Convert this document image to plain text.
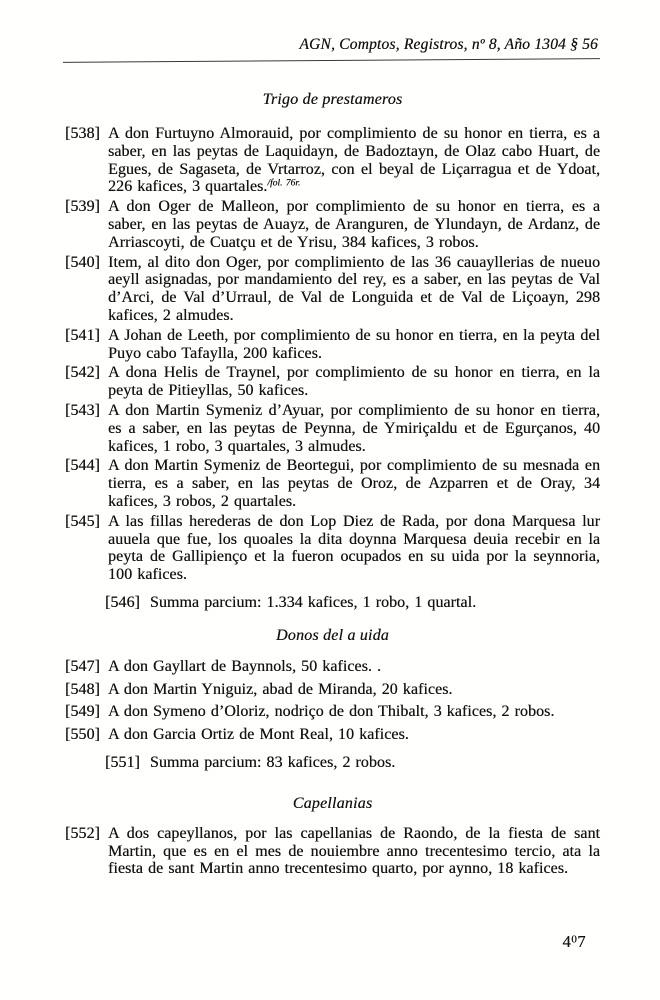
AGN, Comptos, Registros, nº 8, Año 1304 § 56
Trigo de prestameros

[538] A don Furtuyno Almorauid, por complimiento de su honor en tierra, es a saber, en las peytas de Laquidayn, de Badoztayn, de Olaz cabo Huart, de Egues, de Sagaseta, de Vrtarroz, con el beyal de Liçarragua et de Ydoat, 226 kafices, 3 quartales.$^{/fol. 76r.}$

[539] A don Oger de Malleon, por complimiento de su honor en tierra, es a saber, en las peytas de Auayz, de Aranguren, de Ylundayn, de Ardanz, de Arriascoyti, de Cuatçu et de Yrisu, 384 kafices, 3 robos.

[540] Item, al dito don Oger, por complimiento de las 36 cauayllerias de nueuo aeyll asignadas, por mandamiento del rey, es a saber, en las peytas de Val d’Arci, de Val d’Urraul, de Val de Longuida et de Val de Liçoayn, 298 kafices, 2 almudes.

[541] A Johan de Leeth, por complimiento de su honor en tierra, en la peyta del Puyo cabo Tafaylla, 200 kafices.

[542] A dona Helis de Traynel, por complimiento de su honor en tierra, en la peyta de Pitieyllas, 50 kafices.

[543] A don Martin Symeniz d’Ayuar, por complimiento de su honor en tierra, es a saber, en las peytas de Peynna, de Ymiriçaldu et de Egurçanos, 40 kafices, 1 robo, 3 quartales, 3 almudes.

[544] A don Martin Symeniz de Beortegui, por complimiento de su mesnada en tierra, es a saber, en las peytas de Oroz, de Azparren et de Oray, 34 kafices, 3 robos, 2 quartales.

[545] A las fillas herederas de don Lop Diez de Rada, por dona Marquesa lur auuela que fue, los quoales la dita doynna Marquesa deuia recebir en la peyta de Gallipienço et la fueron ocupados en su uida por la seynnoria, 100 kafices.

[546] Summa parcium: 1.334 kafices, 1 robo, 1 quartal.

Donos del a uida

[547] A don Gayllart de Baynnols, 50 kafices. .

[548] A don Martin Yniguiz, abad de Miranda, 20 kafices.

[549] A don Symeno d’Oloriz, nodriço de don Thibalt, 3 kafices, 2 robos.

[550] A don Garcia Ortiz de Mont Real, 10 kafices.

[551] Summa parcium: 83 kafices, 2 robos.

Capellanias

[552] A dos capeyllanos, por las capellanias de Raondo, de la fiesta de sant Martin, que es en el mes de nouiembre anno trecentesimo tercio, ata la fiesta de sant Martin anno trecentesimo quarto, por aynno, 18 kafices.

$4^07$
